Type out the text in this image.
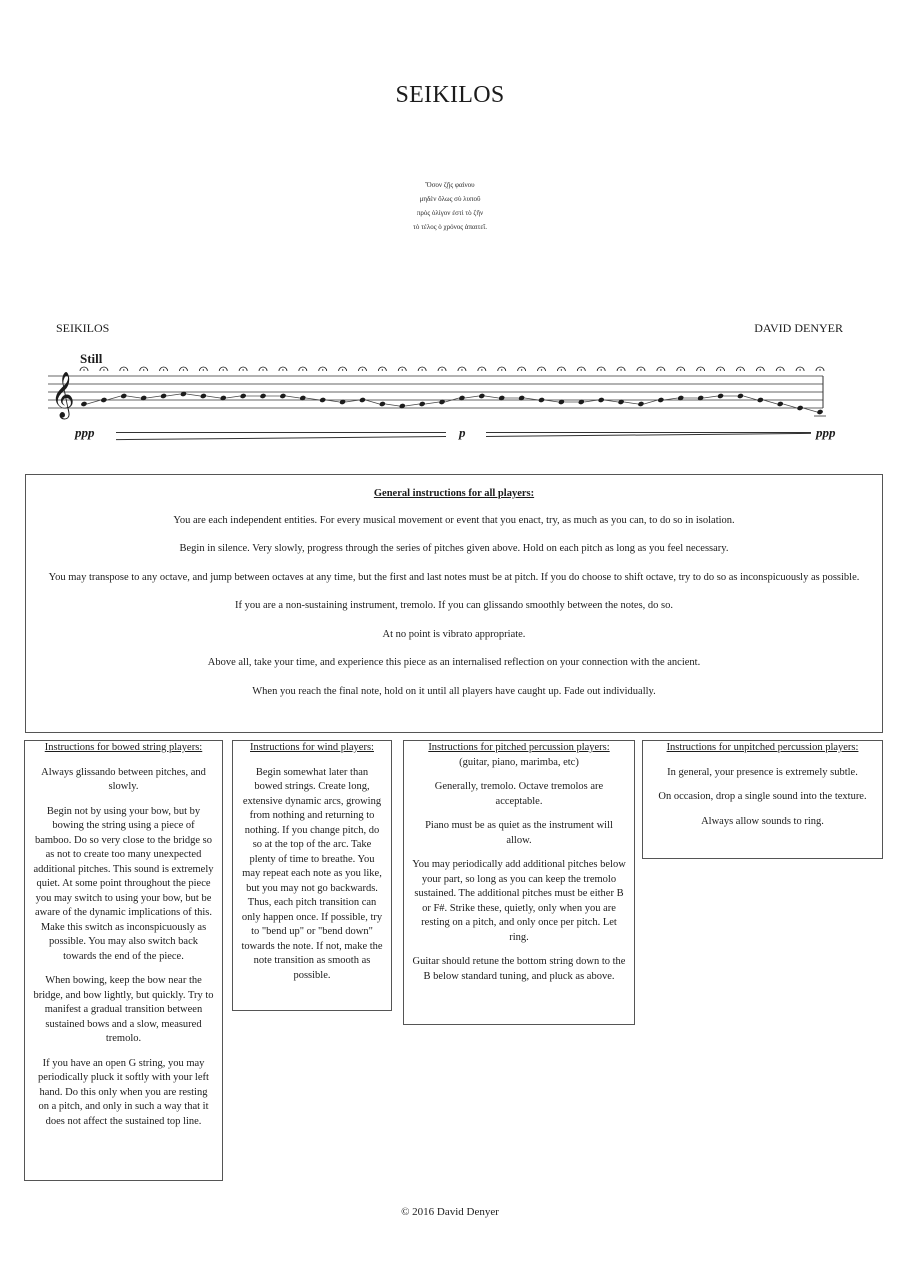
SEIKILOS
Ὅσον ζῇς φαίνου
μηδὲν ὅλως σὺ λυποῦ
πρὸς ὀλίγον ἐστὶ τὸ ζῆν
τὸ τέλος ὁ χρόνος ἀπαιτεῖ.
SEIKILOS	DAVID DENYER
Still
𝄞
ppp	p	ppp
General instructions for all players:

You are each independent entities. For every musical movement or event that you enact, try, as much as you can, to do so in isolation.

Begin in silence. Very slowly, progress through the series of pitches given above. Hold on each pitch as long as you feel necessary.

You may transpose to any octave, and jump between octaves at any time, but the first and last notes must be at pitch. If you do choose to shift octave, try to do so as inconspicuously as possible.

If you are a non-sustaining instrument, tremolo. If you can glissando smoothly between the notes, do so.

At no point is vibrato appropriate.

Above all, take your time, and experience this piece as an internalised reflection on your connection with the ancient.

When you reach the final note, hold on it until all players have caught up. Fade out individually.

Instructions for bowed string players:

Always glissando between pitches, and slowly.

Begin not by using your bow, but by bowing the string using a piece of bamboo. Do so very close to the bridge so as not to create too many unexpected additional pitches. This sound is extremely quiet. At some point throughout the piece you may switch to using your bow, but be aware of the dynamic implications of this. Make this switch as inconspicuously as possible. You may also switch back towards the end of the piece.

When bowing, keep the bow near the bridge, and bow lightly, but quickly. Try to manifest a gradual transition between sustained bows and a slow, measured tremolo.

If you have an open G string, you may periodically pluck it softly with your left hand. Do this only when you are resting on a pitch, and only in such a way that it does not affect the sustained top line.

Instructions for wind players:

Begin somewhat later than bowed strings. Create long, extensive dynamic arcs, growing from nothing and returning to nothing. If you change pitch, do so at the top of the arc. Take plenty of time to breathe. You may repeat each note as you like, but you may not go backwards. Thus, each pitch transition can only happen once. If possible, try to "bend up" or "bend down" towards the note. If not, make the note transition as smooth as possible.

Instructions for pitched percussion players:
(guitar, piano, marimba, etc)

Generally, tremolo. Octave tremolos are acceptable.

Piano must be as quiet as the instrument will allow.

You may periodically add additional pitches below your part, so long as you can keep the tremolo sustained. The additional pitches must be either B or F#. Strike these, quietly, only when you are resting on a pitch, and only once per pitch. Let ring.

Guitar should retune the bottom string down to the B below standard tuning, and pluck as above.

Instructions for unpitched percussion players:

In general, your presence is extremely subtle.

On occasion, drop a single sound into the texture.

Always allow sounds to ring.

© 2016 David Denyer
